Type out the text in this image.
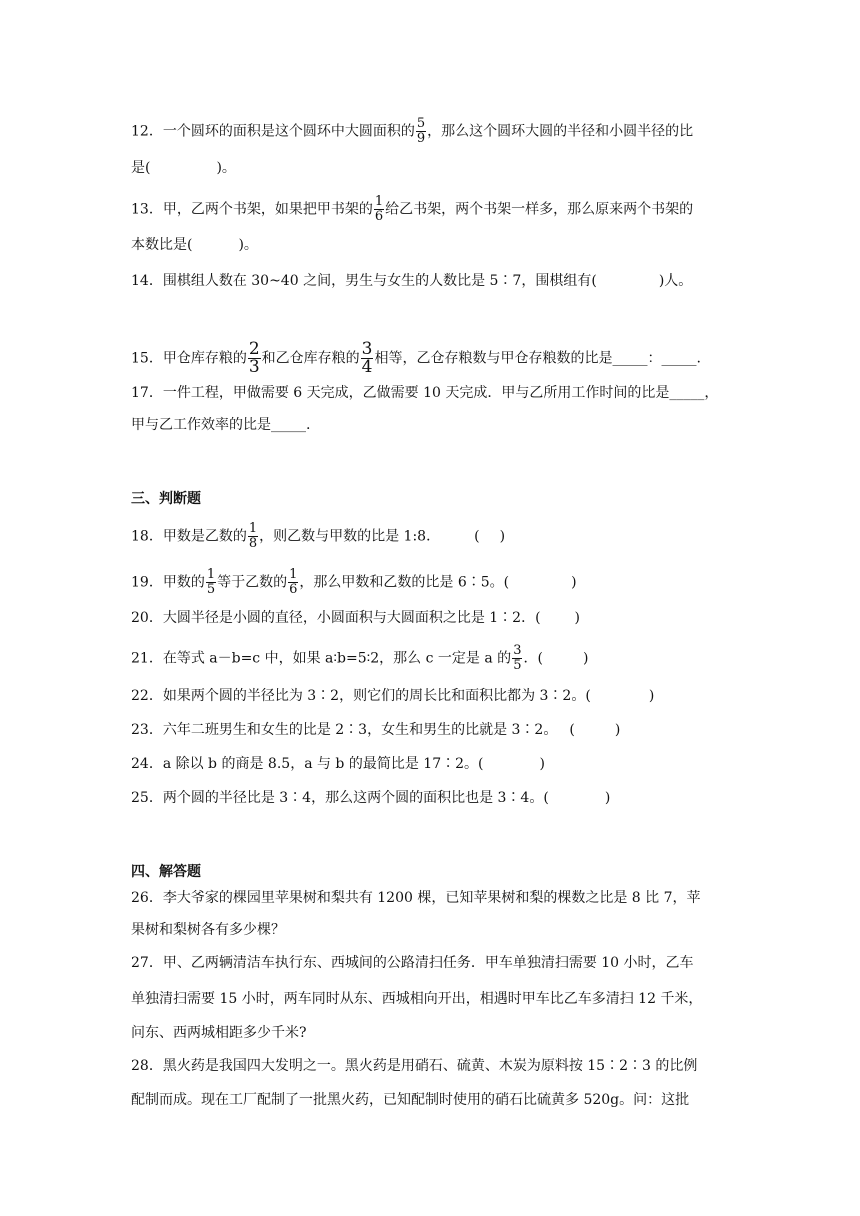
12．一个圆环的面积是这个圆环中大圆面积的 $\frac{5}{9}$ ，那么这个圆环大圆的半径和小圆半径的比
是(	)。
13．甲，乙两个书架，如果把甲书架的 $\frac{1}{6}$ 给乙书架，两个书架一样多，那么原来两个书架的
本数比是(	)。
14．围棋组人数在 30~40 之间，男生与女生的人数比是 5∶7，围棋组有(	)人。
15．甲仓库存粮的 $\frac{2}{3}$ 和乙仓库存粮的 $\frac{3}{4}$ 相等，乙仓存粮数与甲仓存粮数的比是_____：_____.
17．一件工程，甲做需要 6 天完成，乙做需要 10 天完成．甲与乙所用工作时间的比是_____，
甲与乙工作效率的比是_____.
三、判断题
18．甲数是乙数的 $\frac{1}{8}$ ，则乙数与甲数的比是 1:8． ( )
19．甲数的 $\frac{1}{5}$ 等于乙数的 $\frac{1}{6}$ ，那么甲数和乙数的比是 6∶5。(	)
20．大圆半径是小圆的直径，小圆面积与大圆面积之比是 1∶2．( )
21．在等式 a－b=c 中，如果 a∶b=5∶2，那么 c 一定是 a 的 $\frac{3}{5}$ ．(	)
22．如果两个圆的半径比为 3∶2，则它们的周长比和面积比都为 3∶2。(	)
23．六年二班男生和女生的比是 2∶3，女生和男生的比就是 3∶2。 (	)
24．a 除以 b 的商是 8.5，a 与 b 的最简比是 17∶2。(	)
25．两个圆的半径比是 3∶4，那么这两个圆的面积比也是 3∶4。(	)
四、解答题
26．李大爷家的棵园里苹果树和梨共有 1200 棵，已知苹果树和梨的棵数之比是 8 比 7，苹
果树和梨树各有多少棵？
27．甲、乙两辆清洁车执行东、西城间的公路清扫任务．甲车单独清扫需要 10 小时，乙车
单独清扫需要 15 小时，两车同时从东、西城相向开出，相遇时甲车比乙车多清扫 12 千米，
问东、西两城相距多少千米?
28．黑火药是我国四大发明之一。黑火药是用硝石、硫黄、木炭为原料按 15∶2∶3 的比例
配制而成。现在工厂配制了一批黑火药，已知配制时使用的硝石比硫黄多 520g。问：这批
